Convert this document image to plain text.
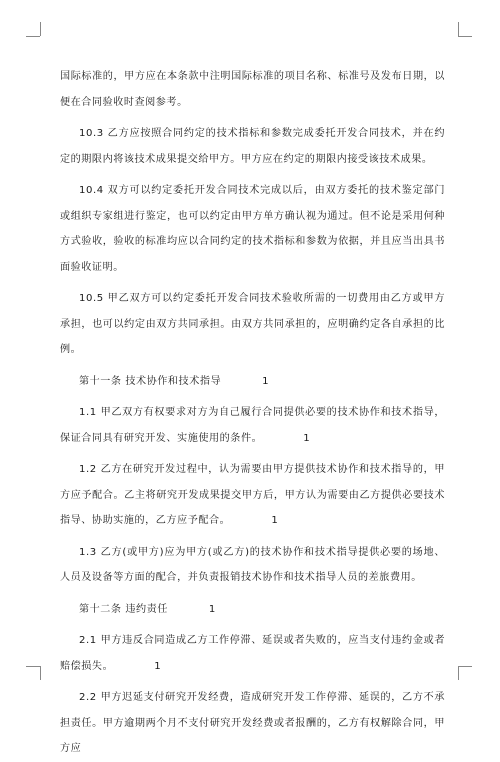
国际标准的，甲方应在本条款中注明国际标准的项目名称、标准号及发布日期，以便在合同验收时查阅参考。

10.3 乙方应按照合同约定的技术指标和参数完成委托开发合同技术，并在约定的期限内将该技术成果提交给甲方。甲方应在约定的期限内接受该技术成果。

10.4 双方可以约定委托开发合同技术完成以后，由双方委托的技术鉴定部门或组织专家组进行鉴定，也可以约定由甲方单方确认视为通过。但不论是采用何种方式验收，验收的标准均应以合同约定的技术指标和参数为依据，并且应当出具书面验收证明。

10.5 甲乙双方可以约定委托开发合同技术验收所需的一切费用由乙方或甲方承担，也可以约定由双方共同承担。由双方共同承担的，应明确约定各自承担的比例。

第十一条 技术协作和技术指导	1

1.1 甲乙双方有权要求对方为自己履行合同提供必要的技术协作和技术指导，保证合同具有研究开发、实施使用的条件。	1

1.2 乙方在研究开发过程中，认为需要由甲方提供技术协作和技术指导的，甲方应予配合。乙主将研究开发成果提交甲方后，甲方认为需要由乙方提供必要技术指导、协助实施的，乙方应予配合。	1

1.3 乙方(或甲方)应为甲方(或乙方)的技术协作和技术指导提供必要的场地、人员及设备等方面的配合，并负责报销技术协作和技术指导人员的差旅费用。

第十二条 违约责任	1

2.1 甲方违反合同造成乙方工作停滞、延误或者失败的，应当支付违约金或者赔偿损失。	1

2.2 甲方迟延支付研究开发经费，造成研究开发工作停滞、延误的，乙方不承担责任。甲方逾期两个月不支付研究开发经费或者报酬的，乙方有权解除合同，甲方应
